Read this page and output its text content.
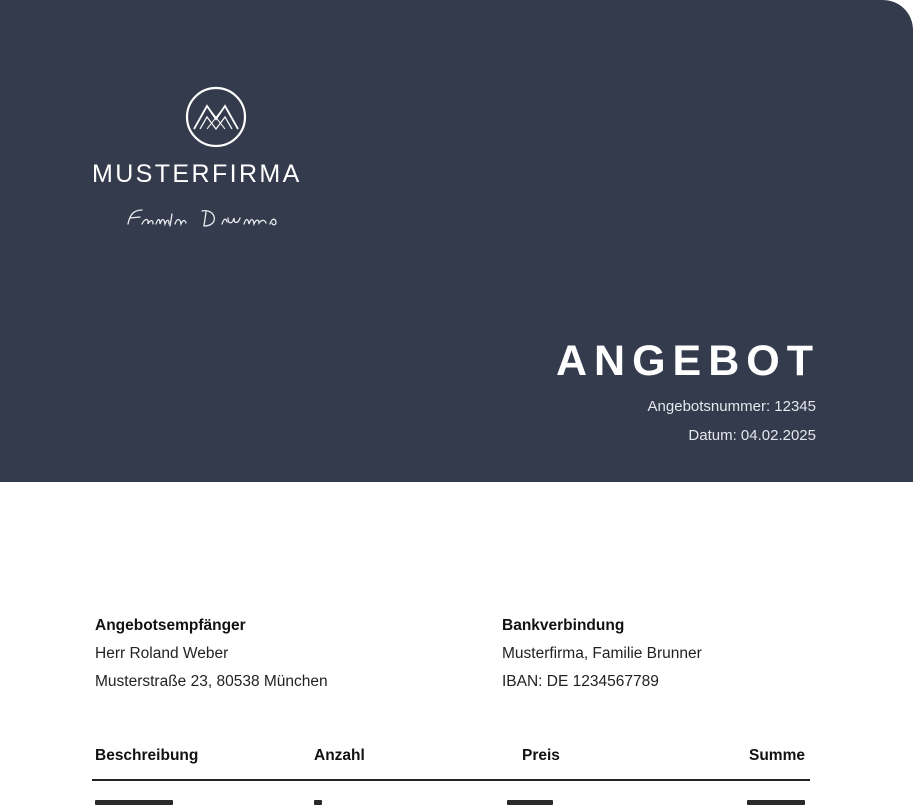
MUSTERFIRMA
ANGEBOT
Angebotsnummer: 12345
Datum: 04.02.2025
Angebotsempfänger
Herr Roland Weber
Musterstraße 23, 80538 München
Bankverbindung
Musterfirma, Familie Brunner
IBAN: DE 1234567789
Beschreibung	Anzahl	Preis	Summe
